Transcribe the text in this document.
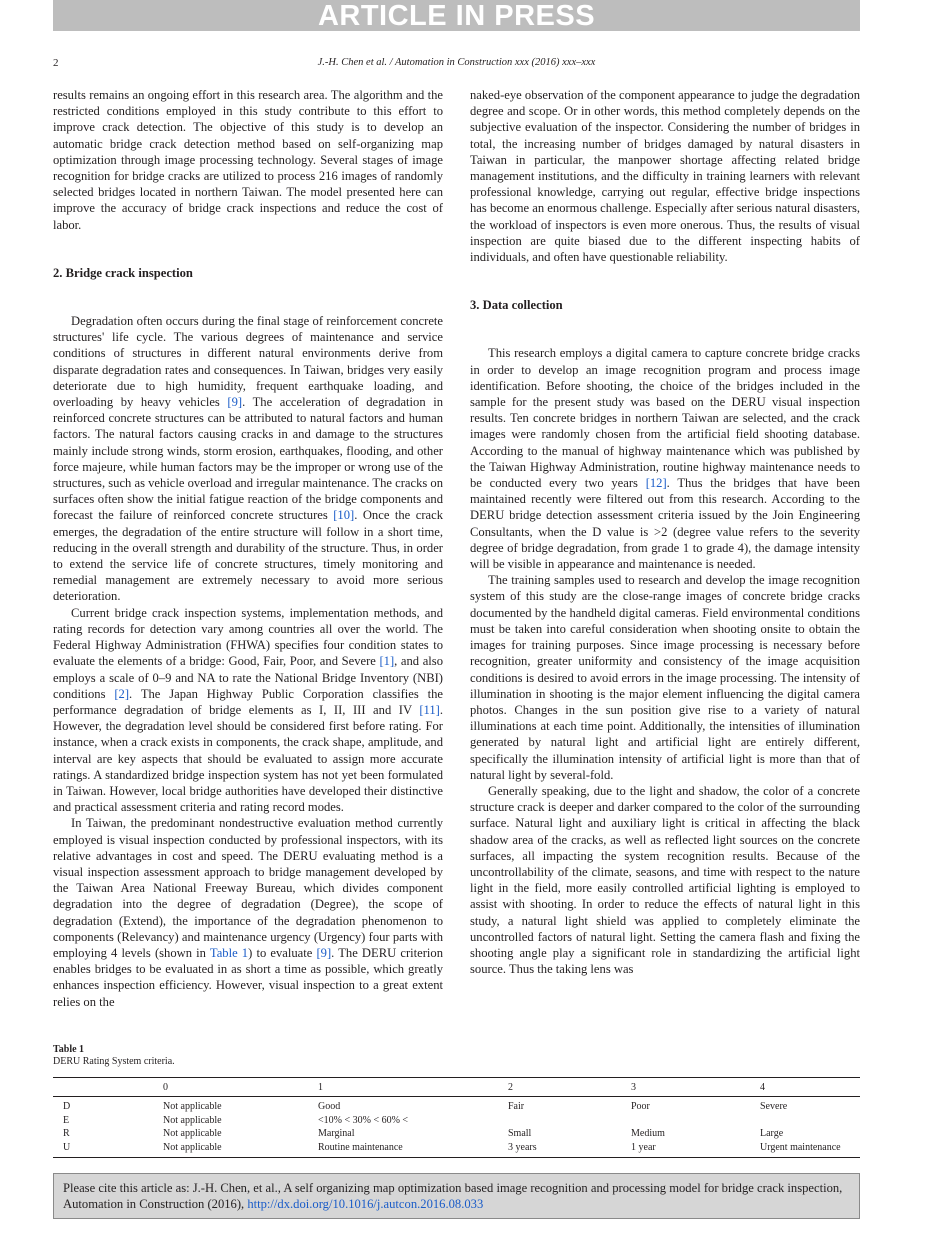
ARTICLE IN PRESS
2	J.-H. Chen et al. / Automation in Construction xxx (2016) xxx–xxx

results remains an ongoing effort in this research area. The algorithm and the restricted conditions employed in this study contribute to this effort to improve crack detection. The objective of this study is to develop an automatic bridge crack detection method based on self-organizing map optimization through image processing technology. Several stages of image recognition for bridge cracks are utilized to process 216 images of randomly selected bridges located in northern Taiwan. The model presented here can improve the accuracy of bridge crack inspections and reduce the cost of labor.

2. Bridge crack inspection

Degradation often occurs during the final stage of reinforcement concrete structures' life cycle. The various degrees of maintenance and service conditions of structures in different natural environments derive from disparate degradation rates and consequences. In Taiwan, bridges very easily deteriorate due to high humidity, frequent earthquake loading, and overloading by heavy vehicles [9]. The acceleration of degradation in reinforced concrete structures can be attributed to natural factors and human factors. The natural factors causing cracks in and damage to the structures mainly include strong winds, storm erosion, earthquakes, flooding, and other force majeure, while human factors may be the improper or wrong use of the structures, such as vehicle overload and irregular maintenance. The cracks on surfaces often show the initial fatigue reaction of the bridge components and forecast the failure of reinforced concrete structures [10]. Once the crack emerges, the degradation of the entire structure will follow in a short time, reducing in the overall strength and durability of the structure. Thus, in order to extend the service life of concrete structures, timely monitoring and remedial management are extremely necessary to avoid more serious deterioration.

Current bridge crack inspection systems, implementation methods, and rating records for detection vary among countries all over the world. The Federal Highway Administration (FHWA) specifies four condition states to evaluate the elements of a bridge: Good, Fair, Poor, and Severe [1], and also employs a scale of 0–9 and NA to rate the National Bridge Inventory (NBI) conditions [2]. The Japan Highway Public Corporation classifies the performance degradation of bridge elements as I, II, III and IV [11]. However, the degradation level should be considered first before rating. For instance, when a crack exists in components, the crack shape, amplitude, and interval are key aspects that should be evaluated to assign more accurate ratings. A standardized bridge inspection system has not yet been formulated in Taiwan. However, local bridge authorities have developed their distinctive and practical assessment criteria and rating record modes.

In Taiwan, the predominant nondestructive evaluation method currently employed is visual inspection conducted by professional inspectors, with its relative advantages in cost and speed. The DERU evaluating method is a visual inspection assessment approach to bridge management developed by the Taiwan Area National Freeway Bureau, which divides component degradation into the degree of degradation (Degree), the scope of degradation (Extend), the importance of the degradation phenomenon to components (Relevancy) and maintenance urgency (Urgency) four parts with employing 4 levels (shown in Table 1) to evaluate [9]. The DERU criterion enables bridges to be evaluated in as short a time as possible, which greatly enhances inspection efficiency. However, visual inspection to a great extent relies on the

naked-eye observation of the component appearance to judge the degradation degree and scope. Or in other words, this method completely depends on the subjective evaluation of the inspector. Considering the number of bridges in total, the increasing number of bridges damaged by natural disasters in Taiwan in particular, the manpower shortage affecting related bridge management institutions, and the difficulty in training learners with relevant professional knowledge, carrying out regular, effective bridge inspections has become an enormous challenge. Especially after serious natural disasters, the workload of inspectors is even more onerous. Thus, the results of visual inspection are quite biased due to the different inspecting habits of individuals, and often have questionable reliability.

3. Data collection

This research employs a digital camera to capture concrete bridge cracks in order to develop an image recognition program and process image identification. Before shooting, the choice of the bridges included in the sample for the present study was based on the DERU visual inspection results. Ten concrete bridges in northern Taiwan are selected, and the crack images were randomly chosen from the artificial field shooting database. According to the manual of highway maintenance which was published by the Taiwan Highway Administration, routine highway maintenance needs to be conducted every two years [12]. Thus the bridges that have been maintained recently were filtered out from this research. According to the DERU bridge detection assessment criteria issued by the Join Engineering Consultants, when the D value is >2 (degree value refers to the severity degree of bridge degradation, from grade 1 to grade 4), the damage intensity will be visible in appearance and maintenance is needed.

The training samples used to research and develop the image recognition system of this study are the close-range images of concrete bridge cracks documented by the handheld digital cameras. Field environmental conditions must be taken into careful consideration when shooting onsite to obtain the images for training purposes. Since image processing is necessary before recognition, greater uniformity and consistency of the image acquisition conditions is desired to avoid errors in the image processing. The intensity of illumination in shooting is the major element influencing the digital camera photos. Changes in the sun position give rise to a variety of natural illuminations at each time point. Additionally, the intensities of illumination generated by natural light and artificial light are entirely different, specifically the illumination intensity of artificial light is more than that of natural light by several-fold.

Generally speaking, due to the light and shadow, the color of a concrete structure crack is deeper and darker compared to the color of the surrounding surface. Natural light and auxiliary light is critical in affecting the black shadow area of the cracks, as well as reflected light sources on the concrete surfaces, all impacting the system recognition results. Because of the uncontrollability of the climate, seasons, and time with respect to the nature light in the field, more easily controlled artificial lighting is employed to assist with shooting. In order to reduce the effects of natural light in this study, a natural light shield was applied to completely eliminate the uncontrolled factors of natural light. Setting the camera flash and fixing the shooting angle play a significant role in standardizing the artificial light source. Thus the taking lens was

Table 1
DERU Rating System criteria.
	0	1	2	3	4
D	Not applicable	Good	Fair	Poor	Severe
E	Not applicable	<10% < 30% < 60% <			
R	Not applicable	Marginal	Small	Medium	Large
U	Not applicable	Routine maintenance	3 years	1 year	Urgent maintenance
Please cite this article as: J.-H. Chen, et al., A self organizing map optimization based image recognition and processing model for bridge crack inspection, Automation in Construction (2016), http://dx.doi.org/10.1016/j.autcon.2016.08.033
